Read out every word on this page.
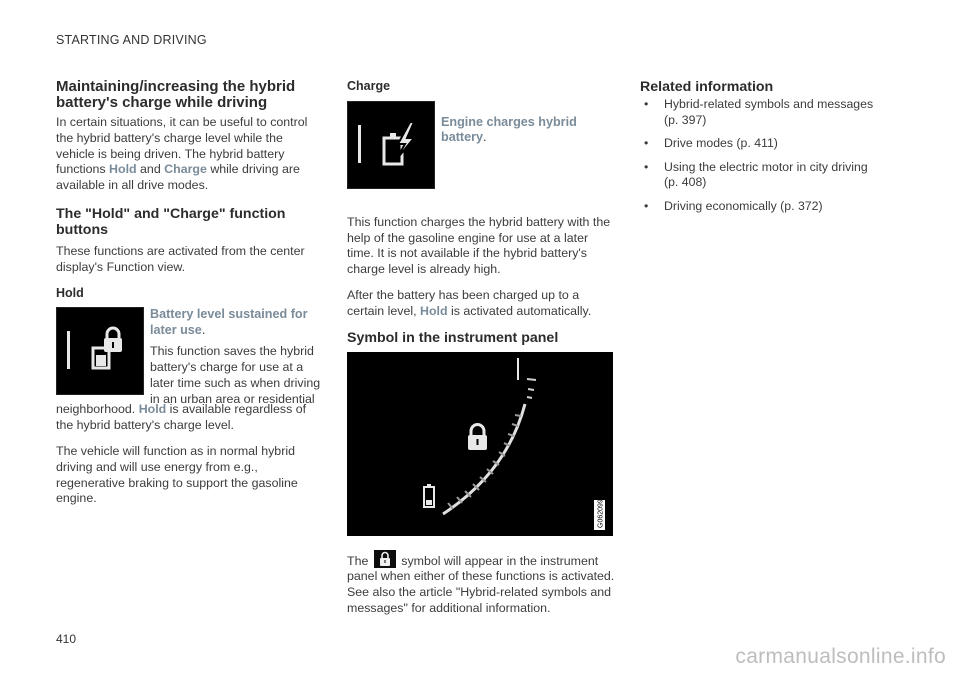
STARTING AND DRIVING
Maintaining/increasing the hybrid battery's charge while driving

In certain situations, it can be useful to control the hybrid battery's charge level while the vehicle is being driven. The hybrid battery functions Hold and Charge while driving are available in all drive modes.

The "Hold" and "Charge" function buttons

These functions are activated from the center display's Function view.

Hold
Battery level sustained for later use.
This function saves the hybrid battery's charge for use at a later time such as when driving in an urban area or residential

neighborhood. Hold is available regardless of the hybrid battery's charge level.

The vehicle will function as in normal hybrid driving and will use energy from e.g., regenerative braking to support the gasoline engine.

Charge
Engine charges hybrid battery.

This function charges the hybrid battery with the help of the gasoline engine for use at a later time. It is not available if the hybrid battery's charge level is already high.

After the battery has been charged up to a certain level, Hold is activated automatically.

Symbol in the instrument panel
G062099

The	symbol will appear in the instrument panel when either of these functions is activated. See also the article "Hybrid-related symbols and messages" for additional information.

Related information
• Hybrid-related symbols and messages (p. 397)
• Drive modes (p. 411)
• Using the electric motor in city driving (p. 408)
• Driving economically (p. 372)
410
carmanualsonline.info
